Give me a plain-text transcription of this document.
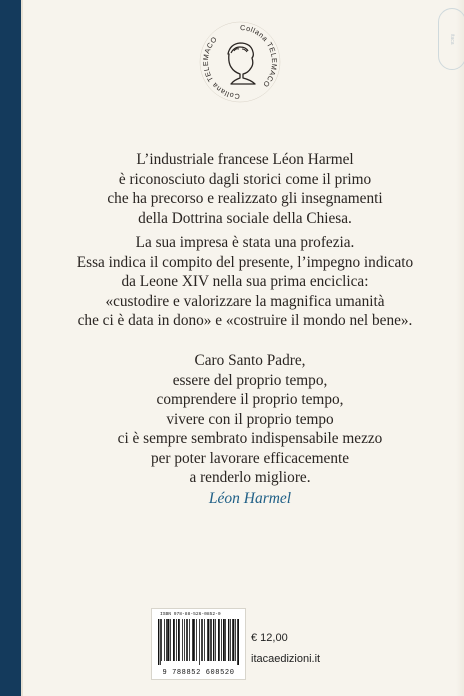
itaca
Collana TELEMACO
Collana TELEMACO
L’industriale francese Léon Harmel
è riconosciuto dagli storici come il primo
che ha precorso e realizzato gli insegnamenti
della Dottrina sociale della Chiesa.
La sua impresa è stata una profezia.
Essa indica il compito del presente, l’impegno indicato
da Leone XIV nella sua prima enciclica:
«custodire e valorizzare la magnifica umanità
che ci è data in dono» e «costruire il mondo nel bene».
Caro Santo Padre,
essere del proprio tempo,
comprendere il proprio tempo,
vivere con il proprio tempo
ci è sempre sembrato indispensabile mezzo
per poter lavorare efficacemente
a renderlo migliore.
Léon Harmel
ISBN 978-88-526-0852-0
9 788852 608520
€ 12,00
itacaedizioni.it
